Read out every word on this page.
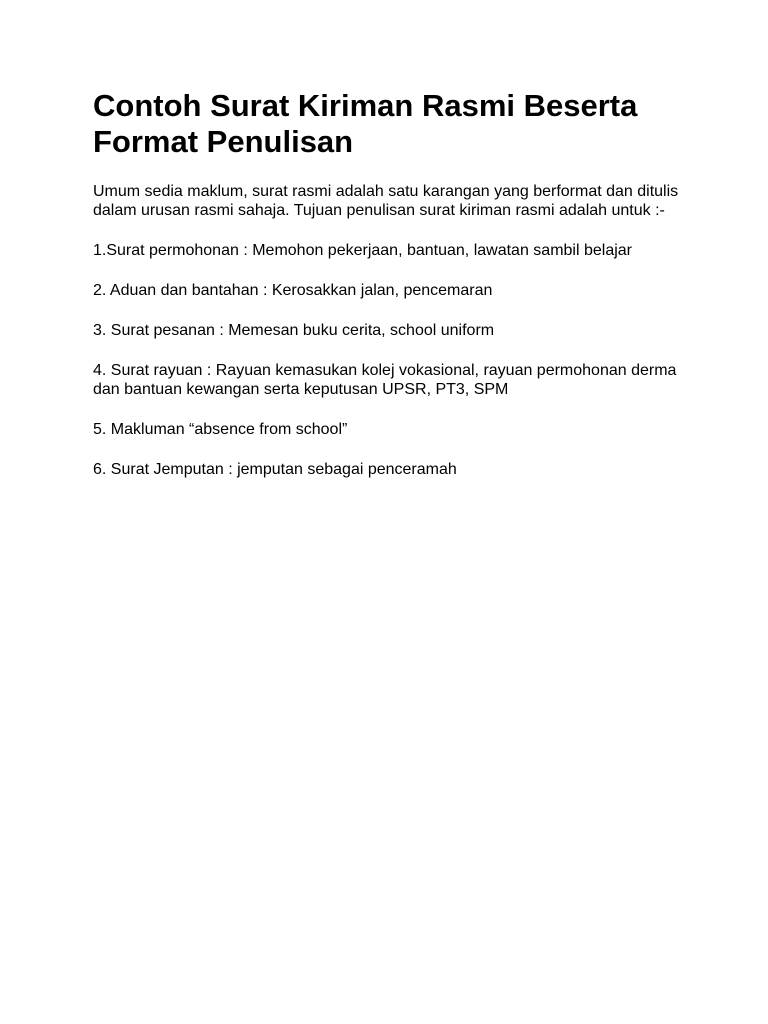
Contoh Surat Kiriman Rasmi Beserta Format Penulisan

Umum sedia maklum, surat rasmi adalah satu karangan yang berformat dan ditulis dalam urusan rasmi sahaja. Tujuan penulisan surat kiriman rasmi adalah untuk :-

1.Surat permohonan : Memohon pekerjaan, bantuan, lawatan sambil belajar
2. Aduan dan bantahan : Kerosakkan jalan, pencemaran
3. Surat pesanan : Memesan buku cerita, school uniform
4. Surat rayuan : Rayuan kemasukan kolej vokasional, rayuan permohonan derma dan bantuan kewangan serta keputusan UPSR, PT3, SPM
5. Makluman “absence from school”
6. Surat Jemputan : jemputan sebagai penceramah
